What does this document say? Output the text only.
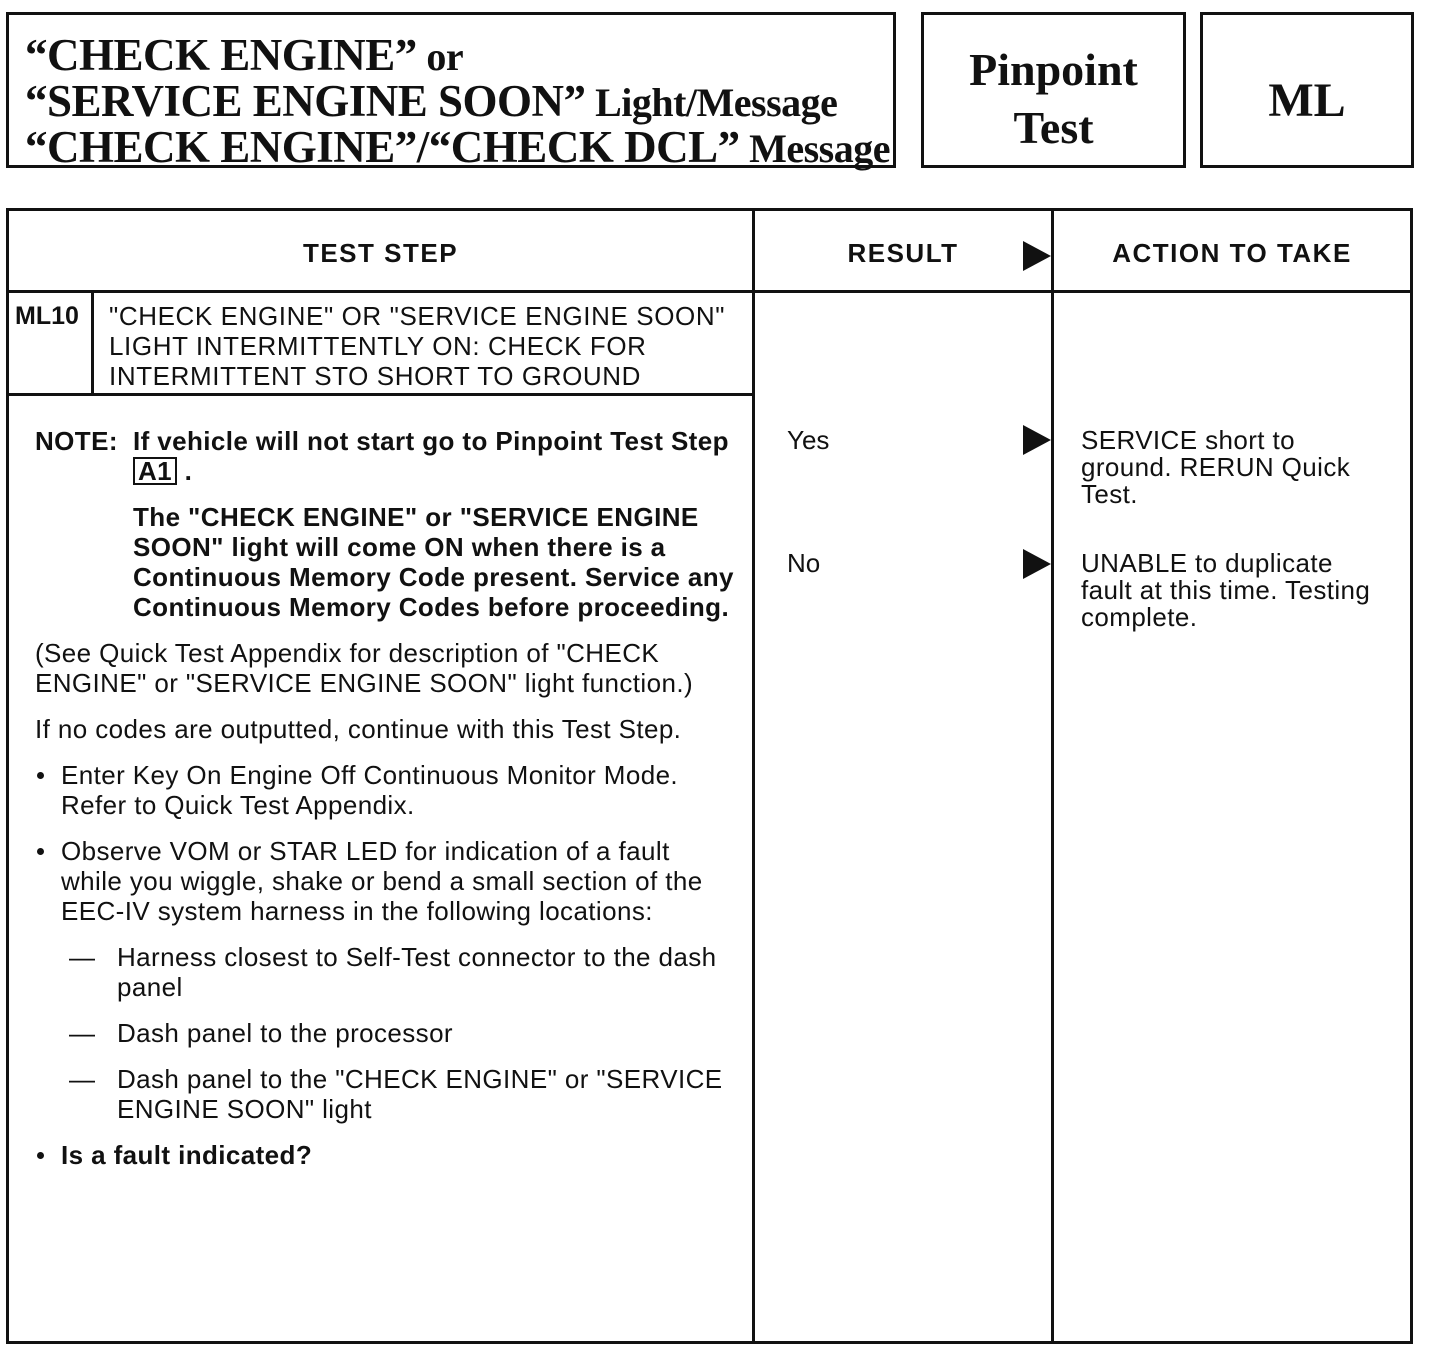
“CHECK ENGINE” or
“SERVICE ENGINE SOON” Light/Message
“CHECK ENGINE”/“CHECK DCL” Message
Pinpoint
Test
ML
TEST STEP	RESULT	ACTION TO TAKE
ML10 "CHECK ENGINE" OR "SERVICE ENGINE SOON" LIGHT INTERMITTENTLY ON: CHECK FOR INTERMITTENT STO SHORT TO GROUND
NOTE: If vehicle will not start go to Pinpoint Test Step A1 .

The "CHECK ENGINE" or "SERVICE ENGINE SOON" light will come ON when there is a Continuous Memory Code present. Service any Continuous Memory Codes before proceeding.

(See Quick Test Appendix for description of "CHECK ENGINE" or "SERVICE ENGINE SOON" light function.)

If no codes are outputted, continue with this Test Step.

Enter Key On Engine Off Continuous Monitor Mode. Refer to Quick Test Appendix.
Observe VOM or STAR LED for indication of a fault while you wiggle, shake or bend a small section of the EEC-IV system harness in the following locations:
— Harness closest to Self-Test connector to the dash panel
— Dash panel to the processor
— Dash panel to the "CHECK ENGINE" or "SERVICE ENGINE SOON" light
Is a fault indicated?
Yes	SERVICE short to ground. RERUN Quick Test.
No	UNABLE to duplicate fault at this time. Testing complete.
